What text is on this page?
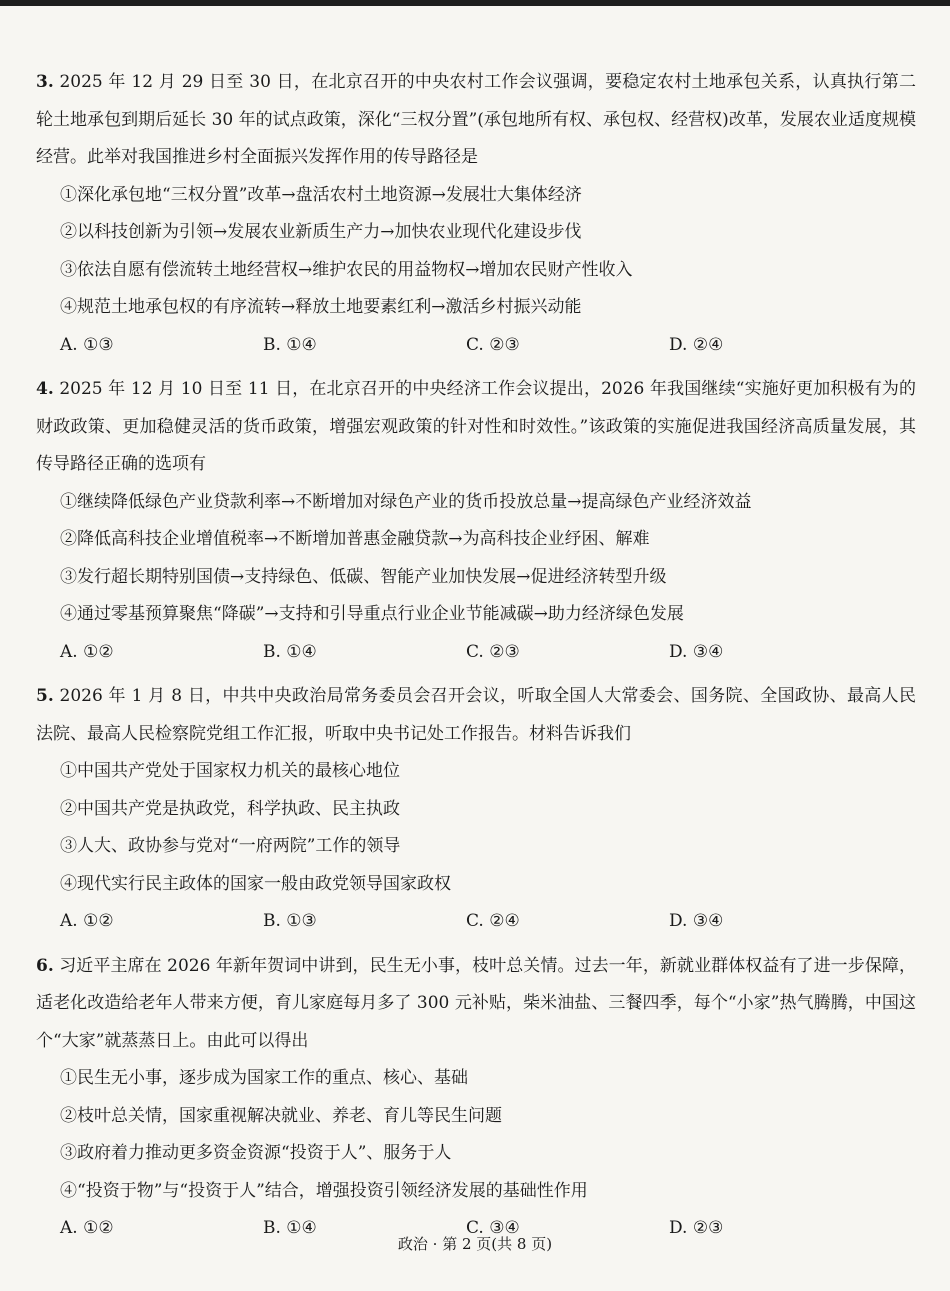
3. 2025 年 12 月 29 日至 30 日，在北京召开的中央农村工作会议强调，要稳定农村土地承包关系，认真执行第二轮土地承包到期后延长 30 年的试点政策，深化“三权分置”(承包地所有权、承包权、经营权)改革，发展农业适度规模经营。此举对我国推进乡村全面振兴发挥作用的传导路径是
①深化承包地“三权分置”改革→盘活农村土地资源→发展壮大集体经济
②以科技创新为引领→发展农业新质生产力→加快农业现代化建设步伐
③依法自愿有偿流转土地经营权→维护农民的用益物权→增加农民财产性收入
④规范土地承包权的有序流转→释放土地要素红利→激活乡村振兴动能
A. ①③	B. ①④	C. ②③	D. ②④
4. 2025 年 12 月 10 日至 11 日，在北京召开的中央经济工作会议提出，2026 年我国继续“实施好更加积极有为的财政政策、更加稳健灵活的货币政策，增强宏观政策的针对性和时效性。”该政策的实施促进我国经济高质量发展，其传导路径正确的选项有
①继续降低绿色产业贷款利率→不断增加对绿色产业的货币投放总量→提高绿色产业经济效益
②降低高科技企业增值税率→不断增加普惠金融贷款→为高科技企业纾困、解难
③发行超长期特别国债→支持绿色、低碳、智能产业加快发展→促进经济转型升级
④通过零基预算聚焦“降碳”→支持和引导重点行业企业节能减碳→助力经济绿色发展
A. ①②	B. ①④	C. ②③	D. ③④
5. 2026 年 1 月 8 日，中共中央政治局常务委员会召开会议，听取全国人大常委会、国务院、全国政协、最高人民法院、最高人民检察院党组工作汇报，听取中央书记处工作报告。材料告诉我们
①中国共产党处于国家权力机关的最核心地位
②中国共产党是执政党，科学执政、民主执政
③人大、政协参与党对“一府两院”工作的领导
④现代实行民主政体的国家一般由政党领导国家政权
A. ①②	B. ①③	C. ②④	D. ③④
6. 习近平主席在 2026 年新年贺词中讲到，民生无小事，枝叶总关情。过去一年，新就业群体权益有了进一步保障，适老化改造给老年人带来方便，育儿家庭每月多了 300 元补贴，柴米油盐、三餐四季，每个“小家”热气腾腾，中国这个“大家”就蒸蒸日上。由此可以得出
①民生无小事，逐步成为国家工作的重点、核心、基础
②枝叶总关情，国家重视解决就业、养老、育儿等民生问题
③政府着力推动更多资金资源“投资于人”、服务于人
④“投资于物”与“投资于人”结合，增强投资引领经济发展的基础性作用
A. ①②	B. ①④	C. ③④	D. ②③
政治 · 第 2 页(共 8 页)
